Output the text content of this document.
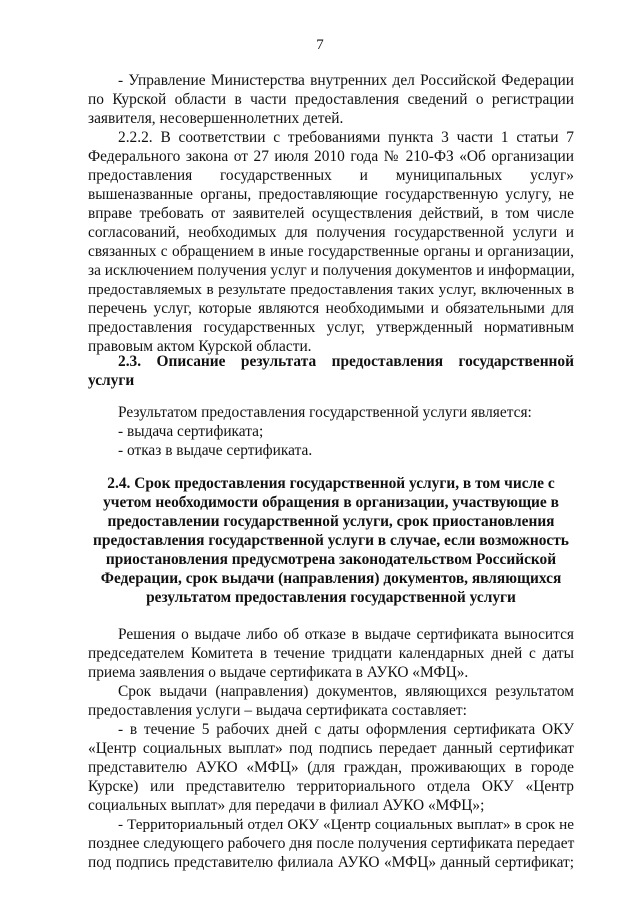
7
- Управление Министерства внутренних дел Российской Федерации
по Курской области в части предоставления сведений о регистрации
заявителя, несовершеннолетних детей.
2.2.2. В соответствии с требованиями пункта 3 части 1 статьи 7
Федерального закона от 27 июля 2010 года № 210-ФЗ «Об организации
предоставления государственных и муниципальных услуг»
вышеназванные органы, предоставляющие государственную услугу, не
вправе требовать от заявителей осуществления действий, в том числе
согласований, необходимых для получения государственной услуги и
связанных с обращением в иные государственные органы и организации,
за исключением получения услуг и получения документов и информации,
предоставляемых в результате предоставления таких услуг, включенных в
перечень услуг, которые являются необходимыми и обязательными для
предоставления государственных услуг, утвержденный нормативным
правовым актом Курской области.
2.3. Описание результата предоставления государственной
услуги
Результатом предоставления государственной услуги является:
- выдача сертификата;
- отказ в выдаче сертификата.
2.4. Срок предоставления государственной услуги, в том числе с
учетом необходимости обращения в организации, участвующие в
предоставлении государственной услуги, срок приостановления
предоставления государственной услуги в случае, если возможность
приостановления предусмотрена законодательством Российской
Федерации, срок выдачи (направления) документов, являющихся
результатом предоставления государственной услуги
Решения о выдаче либо об отказе в выдаче сертификата выносится
председателем Комитета в течение тридцати календарных дней с даты
приема заявления о выдаче сертификата в АУКО «МФЦ».
Срок выдачи (направления) документов, являющихся результатом
предоставления услуги – выдача сертификата составляет:
- в течение 5 рабочих дней с даты оформления сертификата ОКУ
«Центр социальных выплат» под подпись передает данный сертификат
представителю АУКО «МФЦ» (для граждан, проживающих в городе
Курске) или представителю территориального отдела ОКУ «Центр
социальных выплат» для передачи в филиал АУКО «МФЦ»;
- Территориальный отдел ОКУ «Центр социальных выплат» в срок не
позднее следующего рабочего дня после получения сертификата передает
под подпись представителю филиала АУКО «МФЦ» данный сертификат;
